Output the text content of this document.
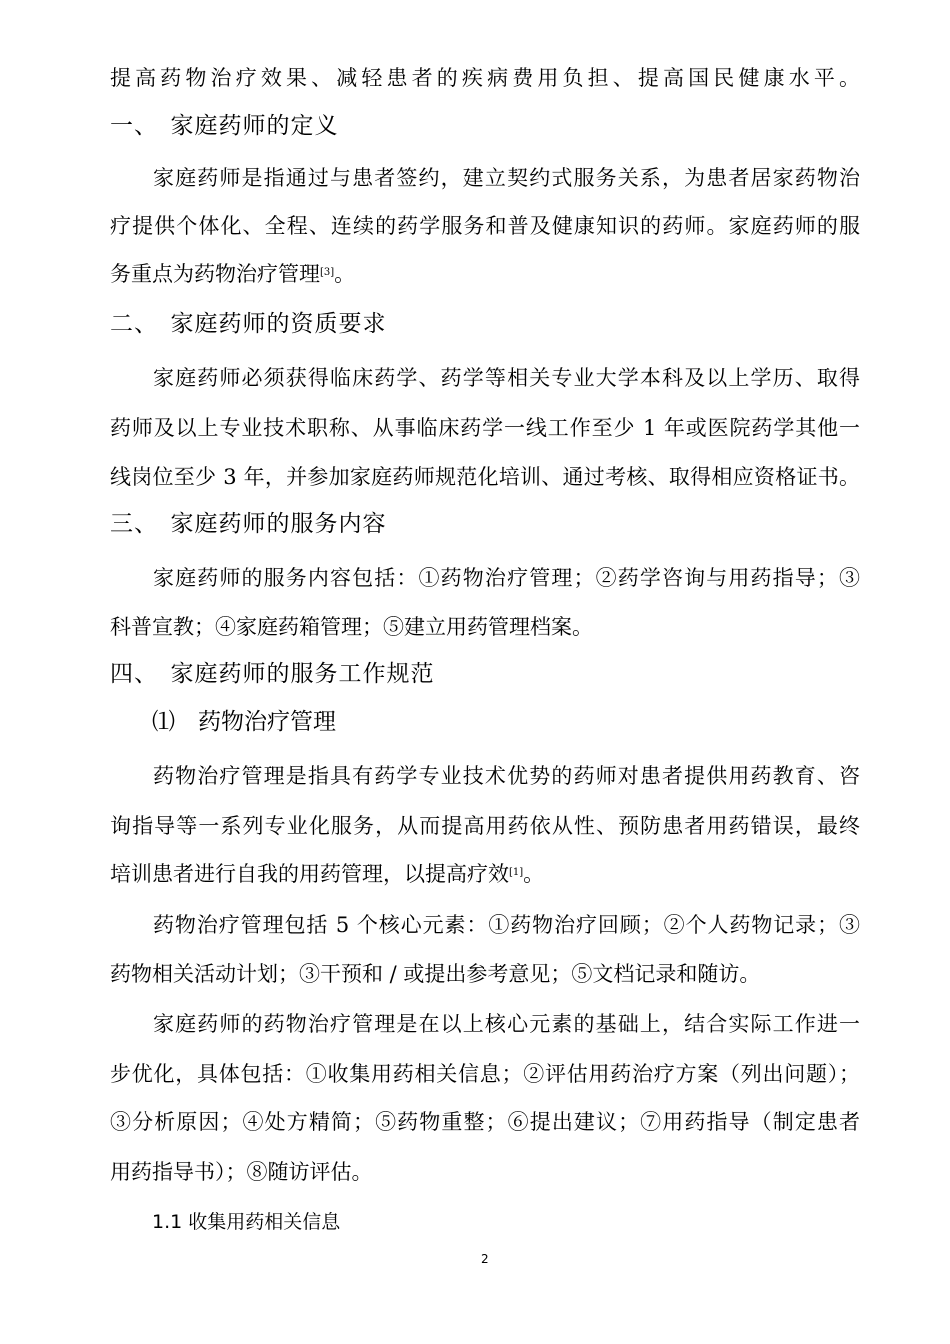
提高药物治疗效果、减轻患者的疾病费用负担、提高国民健康水平。
一、　家庭药师的定义
家庭药师是指通过与患者签约，建立契约式服务关系，为患者居家药物治
疗提供个体化、全程、连续的药学服务和普及健康知识的药师。家庭药师的服
务重点为药物治疗管理[3]。
二、　家庭药师的资质要求
家庭药师必须获得临床药学、药学等相关专业大学本科及以上学历、取得
药师及以上专业技术职称、从事临床药学一线工作至少 1 年或医院药学其他一
线岗位至少 3 年，并参加家庭药师规范化培训、通过考核、取得相应资格证书。
三、　家庭药师的服务内容
家庭药师的服务内容包括：①药物治疗管理；②药学咨询与用药指导；③
科普宣教；④家庭药箱管理；⑤建立用药管理档案。
四、　家庭药师的服务工作规范
⑴　药物治疗管理
药物治疗管理是指具有药学专业技术优势的药师对患者提供用药教育、咨
询指导等一系列专业化服务，从而提高用药依从性、预防患者用药错误，最终
培训患者进行自我的用药管理，以提高疗效[1]。
药物治疗管理包括 5 个核心元素：①药物治疗回顾；②个人药物记录；③
药物相关活动计划；③干预和 / 或提出参考意见；⑤文档记录和随访。
家庭药师的药物治疗管理是在以上核心元素的基础上，结合实际工作进一
步优化，具体包括：①收集用药相关信息；②评估用药治疗方案（列出问题）；
③分析原因；④处方精简；⑤药物重整；⑥提出建议；⑦用药指导（制定患者
用药指导书）；⑧随访评估。
1.1 收集用药相关信息
2
